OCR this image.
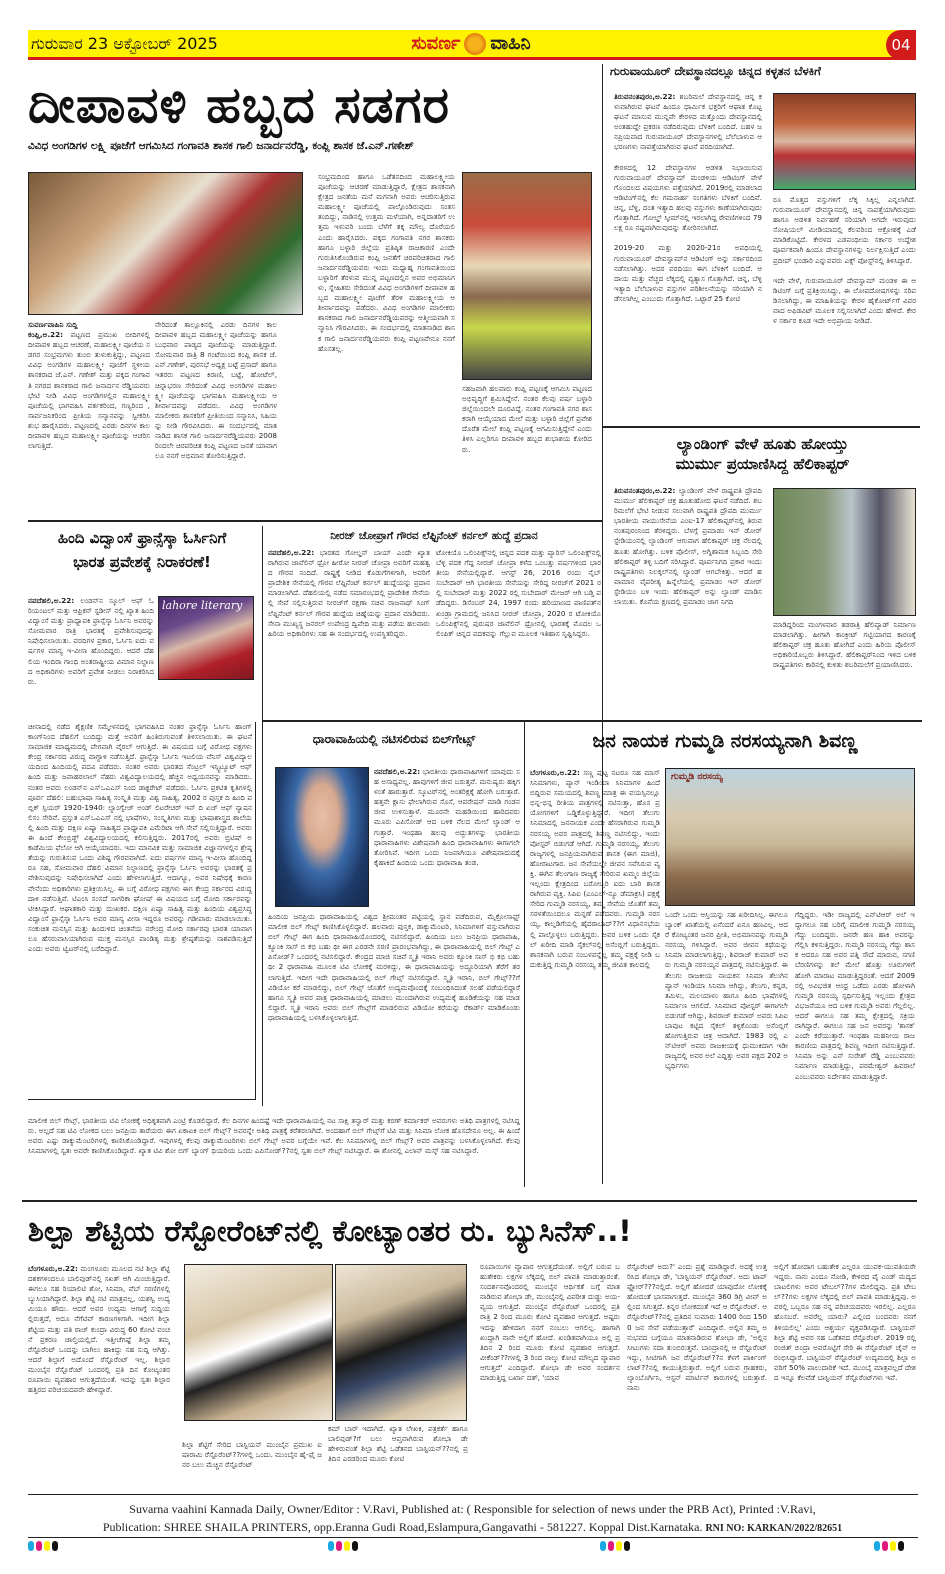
ಗುರುವಾರ 23 ಅಕ್ಟೋಬರ್ 2025	ಸುವರ್ಣ ವಾಹಿನಿ	04
ದೀಪಾವಳಿ ಹಬ್ಬದ ಸಡಗರ
ವಿವಿಧ ಅಂಗಡಿಗಳ ಲಕ್ಷ್ಮಿ ಪೂಜೆಗೆ ಆಗಮಿಸಿದ ಗಂಗಾವತಿ ಶಾಸಕ ಗಾಲಿ ಜನಾರ್ದನರೆಡ್ಡಿ, ಕಂಪ್ಲಿ ಶಾಸಕ ಜೆ.ಎನ್.ಗಣೇಶ್
ಸುವರ್ಣವಾಹಿನಿ ಸುದ್ದಿ
ಕಂಪ್ಲಿ,ಅ.22: ಪಟ್ಟಣದ ಪ್ರಮುಖ ಬೀದಿಗಳಲ್ಲಿ ದೀಪಾವಳಿ ಹಬ್ಬದ ಆಚರಣೆ, ಮಹಾಲಕ್ಷ್ಮೀ ಪೂಜೆಯ ಸಡಗರ ಸಂಭ್ರಮಗಳು ತುಂಬಿ ತುಳುಕುತ್ತಿದ್ದು, ಪಟ್ಟಣದ ವಿವಿಧ ಅಂಗಡಿಗಳ ಮಹಾಲಕ್ಷ್ಮೀ ಪೂಜೆಗೆ ಸ್ಥಳೀಯ ಶಾಸಕರಾದ ಜೆ.ಎನ್. ಗಣೇಶ್ ಮತ್ತು ಪಕ್ಕದ ಗಂಗಾವತಿ ನಗರದ ಶಾಸಕರಾದ ಗಾಲಿ ಜನಾರ್ದನ ರೆಡ್ಡಿಯವರು ಭೇಟಿ ನೀಡಿ ವಿವಿಧ ಅಂಗಡಿಗಳಲ್ಲಿನ ಮಹಾಲಕ್ಷ್ಮೀ ಪೂಜೆಯಲ್ಲಿ ಭಾಗವಹಿಸಿ ವರ್ತಕರಿಂದ, ಗಣ್ಯರಿಂದ ,ಸಾರ್ವಜನಿಕರಿಂದ ಪ್ರೀತಿಯ ಸನ್ಮಾನವನ್ನು ಸ್ವೀಕರಿಸಿ ಶುಭ ಹಾರೈಸಿದರು. ಪಟ್ಟಣದಲ್ಲಿ ಎರಡು ದಿನಗಳ ಕಾಲ ದೀಪಾವಳಿ ಹಬ್ಬದ ಮಹಾಲಕ್ಷ್ಮೀ ಪೂಜೆಯನ್ನು ಆಚರಿಸಲಾಗುತ್ತಿದೆ.
ನೇರಿದಂತೆ ತಾಲ್ಲೂಕಿನಲ್ಲಿ ಎರಡು ದಿನಗಳ ಕಾಲ ದೀಪಾವಳಿ ಹಬ್ಬದ ಮಹಾಲಕ್ಷ್ಮೀ ಪೂಜೆಯನ್ನು ಹಾಗೂ ಬುಧವಾರ ಪಾಡ್ಯದ ಪೂಜೆಯನ್ನು ಮಾಡುತ್ತಿದ್ದಾರೆ. ಸೋಮವಾರ ರಾತ್ರಿ 8 ಗಂಟೆಯಿಂದ ಕಂಪ್ಲಿ ಶಾಸಕ ಜೆ.ಎನ್.ಗಣೇಶ್, ಪುರಸಭೆ ಅಧ್ಯಕ್ಷ ಬಟ್ಟೆ ಪ್ರಸಾದ್ ಹಾಗೂ ಇತರರು ಪಟ್ಟಣದ ಕಿರಾಣಿ, ಬಟ್ಟೆ, ಹೋಟೆಲ್, ಚಿನ್ನಾಭರಣ ಸೇರಿದಂತೆ ವಿವಿಧ ಅಂಗಡಿಗಳ ಮಹಾಲಕ್ಷ್ಮೀ ಪೂಜೆಯನ್ನು ಭಾಗವಹಿಸಿ ಮಹಾಲಕ್ಷ್ಮೀಯ ಆಶೀರ್ವಾದವನ್ನು ಪಡೆದರು. ವಿವಿಧ ಅಂಗಡಿಗಳ ಮಾಲೀಕರು ಶಾಸಕರಿಗೆ ಪ್ರೀತಿಯಿಂದ ಸನ್ಮಾನಿಸಿ, ಸಿಹಿಯನ್ನು ನೀಡಿ ಗೌರವಿಸಿದರು. ಈ ಸಂದರ್ಭದಲ್ಲಿ ಮಾತನಾಡಿದ ಶಾಸಕ ಗಾಲಿ ಜನಾರ್ದನರೆಡ್ಡಿಯವರು 2008ರಿಂದಲೇ ಚಿರಪರಿಚಿತ ಕಂಪ್ಲಿ ಪಟ್ಟಣದ ಜನತೆ ಯಾವಾಗಲೂ ನನಗೆ ಅಭಿಮಾನ ತೋರಿಸುತ್ತಿದ್ದಾರೆ.
ಸಂಭ್ರಮದಿಂದ ಹಾಗೂ ಒಡೆತನದಿಂದ ಮಹಾಲಕ್ಷ್ಮೀಯ ಪೂಜೆಯನ್ನು ಆಚರಣೆ ಮಾಡುತ್ತಿದ್ದಾರೆ, ಕ್ಷೇತ್ರದ ಶಾಸಕನಾಗಿ ಕ್ಷೇತ್ರದ ಜನತೆಯ ಮನೆ ಮಗನಾಗಿ ಅವರು ಆಚರಿಸುತ್ತಿರುವ ಮಹಾಲಕ್ಷ್ಮೀ ಪೂಜೆಯಲ್ಲಿ ಪಾಲ್ಗೊಂಡಿರುವುದು ಸಂತಸ ತಂದಿದ್ದು, ನಾಡಿನಲ್ಲಿ ಉತ್ತಮ ಮಳೆಯಾಗಿ, ಅನ್ನದಾತರಿಗೆ ಉತ್ತಮ ಇಳುವರಿ ಬಂದು ಬೆಳೆಗೆ ತಕ್ಕ ಮೌಲ್ಯ ದೊರೆಯಲಿ ಎಂದು ಹಾರೈಸಿದರು. ಪಕ್ಕದ ಗಂಗಾವತಿ ನಗರ ಶಾಸಕರು ಹಾಗೂ ಬಳ್ಳಾರಿ ಜಿಲ್ಲೆಯ ಪ್ರತಿಷ್ಠಿತ ರಾಜಕಾರಣಿ ಎಂದೇ ಗುರುತಿಸಿಕೊಂಡಿರುವ ಕಂಪ್ಲಿ ಜನತೆಗೆ ಚಿರಪರಿಚಿತರಾದ ಗಾಲಿ ಜನಾರ್ದನರೆಡ್ಡಿಯವರು ಇಂದು ಮಧ್ಯಾಹ್ನ ಗಂಗಾವತಿಯಿಂದ ಬಳ್ಳಾರಿಗೆ ತೆರಳುವ ಮುನ್ನ ಪಟ್ಟಣದಲ್ಲಿನ ಅವರ ಅಭಿಮಾನಿಗಳು, ಸ್ನೇಹಿತರು ಸೇರಿದಂತೆ ವಿವಿಧ ಅಂಗಡಿಗಳಿಗೆ ದೀಪಾವಳಿ ಹಬ್ಬದ ಮಹಾಲಕ್ಷ್ಮೀ ಪೂಜೆಗೆ ತೆರಳಿ ಮಹಾಲಕ್ಷ್ಮೀಯ ಆಶೀರ್ವಾದವನ್ನು ಪಡೆದರು. ವಿವಿಧ ಅಂಗಡಿಗಳ ಮಾಲೀಕರು ಶಾಸಕರಾದ ಗಾಲಿ ಜನಾರ್ದನರೆಡ್ಡಿಯವರನ್ನು ಆತ್ಮೀಯವಾಗಿ ಸನ್ಮಾನಿಸಿ ಗೌರವಿಸಿದರು. ಈ ಸಂದರ್ಭದಲ್ಲಿ ಮಾತನಾಡಿದ ಶಾಸಕ ಗಾಲಿ ಜನಾರ್ದನರೆಡ್ಡಿಯವರು ಕಂಪ್ಲಿ ಪಟ್ಟಣವೇನೂ ನನಗೆ ಹೊಸತಲ್ಲ.
ಸಹಜವಾಗಿ ಹಲವಾರು ಕಂಪ್ಲಿ ಪಟ್ಟಣಕ್ಕೆ ಆಗಮಿಸಿ ಪಟ್ಟಣದ ಅಭಿವೃದ್ಧಿಗೆ ಶ್ರಮಿಸಿದ್ದೇನೆ. ನಂತರ ಕೆಲವು ವರ್ಷ ಬಳ್ಳಾರಿ ಜಿಲ್ಲೆಯಿಂದಲೇ ದೂರವಿದ್ದೆ. ನಂತರ ಗಂಗಾವತಿ ನಗರ ಶಾಸಕರಾಗಿ ಆಯ್ಕೆಯಾದ ಮೇಲೆ ಮತ್ತು ಬಳ್ಳಾರಿ ಜಿಲ್ಲೆಗೆ ಪ್ರವೇಶ ದೊರೆತ ಮೇಲೆ ಕಂಪ್ಲಿ ಪಟ್ಟಣಕ್ಕೆ ಆಗಮಿಸುತ್ತಿದ್ದೇನೆ ಎಂದು ತಿಳಿಸಿ ಎಲ್ಲರಿಗೂ ದೀಪಾವಳಿ ಹಬ್ಬದ ಶುಭಾಶಯ ಕೋರಿದರು.
ಗುರುವಾಯೂರ್ ದೇವಸ್ಥಾನದಲ್ಲೂ ಚಿನ್ನದ ಕಳ್ಳತನ ಬೆಳಕಿಗೆ
ತಿರುವನಂತಪುರಂ,ಅ.22: ಶಬರಿಮಲೆ ದೇವಸ್ಥಾನದಲ್ಲಿ ಚಿನ್ನ ಕಳುವಾಗಿರುವ ಘಟನೆ ಹಿಂದೂ ಧಾರ್ಮಿಕ ಭಕ್ತರಿಗೆ ಆಘಾತ ಕೊಟ್ಟ ಘಟನೆ ಮಾಸುವ ಮುನ್ನವೇ ಕೇರಳದ ಮತ್ತೊಂದು ದೇವಸ್ಥಾನದಲ್ಲಿ ಅಂತಹುದ್ದೇ ಪ್ರಕರಣ ನಡೆದಿರುವುದು ಬೆಳಕಿಗೆ ಬಂದಿದೆ. ಬಹಳ ಜನಪ್ರಿಯವಾದ ಗುರುವಾಯೂರ್ ದೇವಸ್ಥಾನಗಳಲ್ಲಿ ಬೆಲೆಬಾಳುವ ಆಭರಣಗಳು ನಾಪತ್ತೆಯಾಗಿರುವ ಘಟನೆ ವರದಿಯಾಗಿದೆ.

ಕೇರಳದಲ್ಲಿ 12 ದೇವಸ್ಥಾನಗಳ ಆಡಳಿತ ನಿಭಾಯಿಸುವ ಗುರುವಾಯೂರ್ ದೇವಸ್ವಾಮ್ ಮಂಡಳಿಯ ಆಡಿಟಿಂಗ್ ವೇಳೆ ಗೊಂದಲದ ವಿಷಯಗಳು ಪತ್ತೆಯಾಗಿದೆ. 2019ರಲ್ಲಿ ಮಾಡಲಾದ ಆಡಿಟಿಂಗ್‌ನಲ್ಲಿ ಕೆಲ ಗಮನಾರ್ಹ ಸಂಗತಿಗಳು ಬೆಳಕಿಗೆ ಬಂದಿವೆ. ಚಿನ್ನ, ಬೆಳ್ಳಿ, ದಂತ ಇತ್ಯಾದಿ ಹಲವು ವಸ್ತುಗಳು ಕಾಣೆಯಾಗಿರುವುದು ಗೊತ್ತಾಗಿದೆ. ಗೋಲ್ಡ್ ಸ್ಕೀಮ್‌ನಲ್ಲಿ ಇರಲಾಗಿದ್ದ ಠೇವಣಿಗಳಿಂದ 79 ಲಕ್ಷ ರೂ ನಷ್ಟವಾಗಿರುವುದನ್ನು ತೋರಿಸಲಾಗಿದೆ.

2019-20 ಮತ್ತು 2020-21ರ ಅವಧಿಯಲ್ಲಿ ಗುರುವಾಯೂರ್ ದೇವಸ್ವಾಮ್‌ನ ಆಡಿಟಿಂಗ್ ಅನ್ನು ಸರ್ಕಾರದಿಂದ ನಡೆಸಲಾಗಿತ್ತು. ಅದರ ವರದಿಯು ಈಗ ಬೆಳಕಿಗೆ ಬಂದಿದೆ. ಆದಾಯ ಮತ್ತು ವೆಚ್ಚದ ಲೆಕ್ಕದಲ್ಲಿ ವ್ಯತ್ಯಾಸ ಗೊತ್ತಾಗಿದೆ. ಚಿನ್ನ, ಬೆಳ್ಳಿ ಇತ್ಯಾದಿ ಬೆಲೆಬಾಳುವ ವಸ್ತುಗಳ ಪರಿಶೀಲನೆಯನ್ನು ಸರಿಯಾಗಿ ನಡೆಸಲಾಗಿಲ್ಲ ಎಂಬುದು ಗೊತ್ತಾಗಿದೆ. ಒಟ್ಟಾರೆ 25 ಕೋಟಿ
ರೂ ಮೊತ್ತದ ವಸ್ತುಗಳಿಗೆ ಲೆಕ್ಕ ಸಿಕ್ಕಿಲ್ಲ ಎನ್ನಲಾಗಿದೆ. ಗುರುವಾಯೂರ್ ದೇವಸ್ಥಾನದಲ್ಲಿ ಚಿನ್ನ ನಾಪತ್ತೆಯಾಗಿರುವುದು ಹಾಗೂ ಆಡಳಿತ ನಿರ್ವಹಣೆ ಸರಿಯಾಗಿ ಆಗದೇ ಇರುವುದು ಸೋಷಿಯಲ್ ಮೀಡಿಯಾದಲ್ಲಿ ಕೆಲವರಿಂದ ಆಕ್ರೋಶಕ್ಕೆ ಎಡೆ ಮಾಡಿಕೊಟ್ಟಿದೆ. ಕೇರಳದ ಎಡಪಂಥೀಯ ಸರ್ಕಾರ ಉದ್ದೇಶಪೂರ್ವಕವಾಗಿ ಹಿಂದೂ ದೇವಸ್ಥಾನಗಳನ್ನು ನಿರ್ಲಕ್ಷಿಸುತ್ತಿದೆ ಎಂದು ಪ್ರದೀಪ್ ಭಂಡಾರಿ ಎನ್ನುವವರು ಎಕ್ಸ್ ಪೋಸ್ಟ್‌ನಲ್ಲಿ ತಿಳಿಸಿದ್ದಾರೆ.

ಇದೇ ವೇಳೆ, ಗುರುವಾಯೂರ್ ದೇವಸ್ವಾಮ್ ಮಂಡಳಿ ಈ ಆಡಿಟಿಂಗ್ ಬಗ್ಗೆ ಪ್ರತಿಕ್ರಿಯಿಸಿದ್ದು, ಈ ಲೋಪದೋಷಗಳನ್ನು ಸರಿಪಡಿಸಲಾಗಿದ್ದು, ಈ ಮಾಹಿತಿಯನ್ನು ಕೇರಳ ಹೈಕೋರ್ಟ್‌ಗೆ ವಿವರವಾದ ಅಫಿಡವಿಟ್ ಮೂಲಕ ಸಲ್ಲಿಸಲಾಗಿದೆ ಎಂದು ಹೇಳಿದೆ. ಕೇರಳ ಸರ್ಕಾರ ಕೂಡ ಇದೇ ಅಭಿಪ್ರಾಯ ನೀಡಿದೆ.
ಲ್ಯಾಂಡಿಂಗ್ ವೇಳೆ ಹೂತು ಹೋಯ್ತು
ಮುರ್ಮು ಪ್ರಯಾಣಿಸಿದ್ದ ಹೆಲಿಕಾಪ್ಟರ್
ತಿರುವನಂತಪುರಂ,ಅ.22: ಲ್ಯಾಂಡಿಂಗ್ ವೇಳೆ ರಾಷ್ಟ್ರಪತಿ ದ್ರೌಪದಿ ಮುರ್ಮು ಹೆಲಿಕಾಪ್ಟರ್ ಚಕ್ರ ಹೂತುಹೋದ ಘಟನೆ ನಡೆದಿದೆ. ಶಬರಿಮಲೆಗೆ ಭೇಟಿ ನೀಡುವ ಸಲುವಾಗಿ ರಾಷ್ಟ್ರಪತಿ ದ್ರೌಪದಿ ಮುರ್ಮು ಭಾರತೀಯ ವಾಯುಸೇನೆಯ ಎಂಐ-17 ಹೆಲಿಕಾಪ್ಟರ್‌ನಲ್ಲಿ ತಿರುವನಂತಪುರಂನಿಂದ ತೆರಳಿದ್ದರು. ಬೆಳಗ್ಗೆ ಪ್ರಮಾಡಂ ಇನ್ ಡೋರ್ ಸ್ಟೇಡಿಯಂನಲ್ಲಿ ಲ್ಯಾಂಡಿಂಗ್ ಆಗುವಾಗ ಹೆಲಿಕಾಪ್ಟರ್ ಚಕ್ರ ನೆಲದಲ್ಲಿ ಹೂತು ಹೋಗಿತ್ತು. ಬಳಿಕ ಪೊಲೀಸ್, ಅಗ್ನಿಶಾಮಕ ಸಿಬ್ಬಂದಿ ಸೇರಿ ಹೆಲಿಕಾಪ್ಟರ್ ತಳ್ಳಿ ಬದಿಗೆ ಸರಿಸಿದ್ದಾರೆ. ಪೂರ್ವನಿಗದಿ ಪ್ರಕಾರ ಇಂದು ರಾಷ್ಟ್ರಪತಿಗಳು ನಿಲಕ್ಕಲ್‌ನಲ್ಲಿ ಲ್ಯಾಂಡ್ ಆಗಬೇಕಿತ್ತು. ಆದರೆ ಹವಾಮಾನ ವೈಪರೀತ್ಯ ಹಿನ್ನೆಲೆಯಲ್ಲಿ ಪ್ರಮಾಡಂ ಇನ್ ಡೋರ್ ಸ್ಟೇಡಿಯಂ ಬಳಿ ಇಂದು ಹೆಲಿಕಾಪ್ಟರ್ ಅನ್ನು ಲ್ಯಾಂಡ್ ಮಾಡಿಸಲಾಯಿತು. ಕೊನೆಯ ಕ್ಷಣದಲ್ಲಿ ಪ್ರಮಾಡಂ ಜಾಗ ನಿಗದಿ
ಮಾಡಿದ್ದರಿಂದ ಮಂಗಳವಾರ ತಡರಾತ್ರಿ ಹೆಲಿಪ್ಯಾಡ್ ನಿರ್ಮಾಣ ಮಾಡಲಾಗಿತ್ತು. ಹೀಗಾಗಿ ಕಾಂಕ್ರೀಟ್ ಗಟ್ಟಿಯಾಗದ ಕಾರಣಕ್ಕೆ ಹೆಲಿಕಾಪ್ಟರ್ ಚಕ್ರ ಹೂತು ಹೋಗಿದೆ ಎಂದು ಹಿರಿಯ ಪೊಲೀಸ್ ಅಧಿಕಾರಿಯೊಬ್ಬರು ತಿಳಿಸಿದ್ದಾರೆ. ಹೆಲಿಕಾಪ್ಟರ್‌ನಿಂದ ಇಳಿದ ಬಳಿಕ ರಾಷ್ಟ್ರಪತಿಗಳು ಕಾರಿನಲ್ಲಿ ಕುಳಿತು ಶಬರಿಮಲೆಗೆ ಪ್ರಯಾಣಿಸಿದರು.
ಹಿಂದಿ ವಿದ್ವಾಂಸೆ ಫ್ರಾನ್ಸೆಸ್ಕಾ ಓರ್ಸಿನಿಗೆ
ಭಾರತ ಪ್ರವೇಶಕ್ಕೆ ನಿರಾಕರಣೆ!
lahore literary
ನವದೆಹಲಿ,ಅ.22: ಲಂಡನ್‌ನ ಸ್ಕೂಲ್ ಆಫ್ ಓರಿಯಂಟಲ್ ಮತ್ತು ಆಫ್ರಿಕನ್ ಸ್ಟಡೀಸ್ ನಲ್ಲಿ ಖ್ಯಾತ ಹಿಂದಿ ವಿದ್ವಾಂಸೆ ಮತ್ತು ಪ್ರಾಧ್ಯಾಪಕಿ ಫ್ರಾನ್ಸೆಸ್ಕಾ ಓರ್ಸಿನಿ ಅವರನ್ನು ಸೋಮವಾರ ರಾತ್ರಿ ಭಾರತಕ್ಕೆ ಪ್ರವೇಶಿಸುವುದನ್ನು ನಿಷೇಧಿಸಲಾಯಿತು. ವರದಿಗಳ ಪ್ರಕಾರ, ಓರ್ಸಿನಿ ಐದು ವರ್ಷಗಳ ಮಾನ್ಯ ಇ-ವೀಸಾ ಹೊಂದಿದ್ದರು. ಆದರೆ ದೆಹಲಿಯ ಇಂದಿರಾ ಗಾಂಧಿ ಅಂತರಾಷ್ಟ್ರೀಯ ವಿಮಾನ ನಿಲ್ದಾಣದ ಅಧಿಕಾರಿಗಳು ಅವರಿಗೆ ಪ್ರವೇಶ ನೀಡಲು ನಿರಾಕರಿಸಿದರು.
ಚೀನಾದಲ್ಲಿ ನಡೆದ ಶೈಕ್ಷಣಿಕ ಸಮ್ಮೇಳನದಲ್ಲಿ ಭಾಗವಹಿಸಿದ ನಂತರ ಫ್ರಾನ್ಸೆಸ್ಕಾ ಓರ್ಸಿನಿ ಹಾಂಗ್ ಕಾಂಗ್‌ನಿಂದ ದೆಹಲಿಗೆ ಬಂದಿದ್ದು ಮತ್ತೆ ಅವರಿಗೆ ಹಿಂತಿರುಗುವಂತೆ ತಿಳಿಸಲಾಯಿತು. ಈ ಘಟನೆ ಸಾಮಾಜಿಕ ಮಾಧ್ಯಮದಲ್ಲಿ ವೇಗವಾಗಿ ವೈರಲ್ ಆಗುತ್ತಿದೆ. ಈ ವಿಷಯದ ಬಗ್ಗೆ ವಿರೋಧ ಪಕ್ಷಗಳು ಕೇಂದ್ರ ಸರ್ಕಾರದ ವಿರುದ್ಧ ವಾಗ್ದಾಳಿ ನಡೆಸುತ್ತಿದೆ. ಫ್ರಾನ್ಸೆಸ್ಕಾ ಓರ್ಸಿನಿ ಇಟಲಿಯ ವೆನಿಸ್ ವಿಶ್ವವಿದ್ಯಾಲಯದಿಂದ ಹಿಂದಿಯಲ್ಲಿ ಪದವಿ ಪಡೆದರು. ನಂತರ ಅವರು ಭಾರತದ ಸೆಂಟ್ರಲ್ ಇನ್ಸ್ಟಿಟ್ಯೂಟ್ ಆಫ್ ಹಿಂದಿ ಮತ್ತು ಜವಾಹರಲಾಲ್ ನೆಹರು ವಿಶ್ವವಿದ್ಯಾಲಯದಲ್ಲಿ ಹೆಚ್ಚಿನ ಅಧ್ಯಯನವನ್ನು ಮಾಡಿದರು. ನಂತರ ಅವರು ಲಂಡನ್‌ನ ಎಸ್‌ಒಎಎಸ್ ನಿಂದ ಡಾಕ್ಟರೇಟ್ ಪಡೆದರು. ಓರ್ಸಿನಿ ಪ್ರಕಟಿತ ಕೃತಿಗಳಲ್ಲಿ ಪೂರ್ವ ದೆಹಲಿ: ಬಹುಭಾಷಾ ಸಾಹಿತ್ಯ ಸಂಸ್ಕೃತಿ ಮತ್ತು ವಿಶ್ವ ಸಾಹಿತ್ಯ, 2002 ರ ಪುಸ್ತಕ ದಿ ಹಿಂದಿ ಪಬ್ಲಿಕ್ ಸ್ಪಿಯರ್ 1920-1940: ಲ್ಯಾಂಗ್ವೇಜ್ ಅಂಡ್ ಲಿಟರೇಚರ್ ಇನ್ ದಿ ಏಜ್ ಆಫ್ ನ್ಯಾಷನಲಿಸಂ ಸೇರಿವೆ. ಪ್ರಸ್ತುತ ಎಸ್‌ಒಎಎಸ್ ನಲ್ಲಿ ಭಾಷೆಗಳು, ಸಂಸ್ಕೃತಿಗಳು ಮತ್ತು ಭಾಷಾಶಾಸ್ತ್ರದ ಶಾಲೆಯಲ್ಲಿ ಹಿಂದಿ ಮತ್ತು ದಕ್ಷಿಣ ಏಷ್ಯಾ ಸಾಹಿತ್ಯದ ಪ್ರಾಧ್ಯಾಪಕಿ ಎಮೆರಿಟಾ ಆಗಿ ಸೇವೆ ಸಲ್ಲಿಸುತ್ತಿದ್ದಾರೆ. ಅವರು ಈ ಹಿಂದೆ ಕೇಂಬ್ರಿಡ್ಜ್ ವಿಶ್ವವಿದ್ಯಾಲಯದಲ್ಲಿ ಕಲಿಸುತ್ತಿದ್ದರು. 2017ರಲ್ಲಿ ಅವರು ಬ್ರಿಟಿಷ್ ಅಕಾಡೆಮಿಯ ಫೆಲೋ ಆಗಿ ಆಯ್ಕೆಯಾದರು. ಇದು ಮಾನವಿಕ ಮತ್ತು ಸಾಮಾಜಿಕ ವಿಜ್ಞಾನಗಳಲ್ಲಿನ ಶ್ರೇಷ್ಠತೆಯನ್ನು ಗುರುತಿಸುವ ಒಂದು ವಿಶಿಷ್ಟ ಗೌರವವಾಗಿದೆ. ಐದು ವರ್ಷಗಳ ಮಾನ್ಯ ಇ-ವೀಸಾ ಹೊಂದಿದ್ದರೂ ಸಹ, ಸೋಮವಾರ ದೆಹಲಿ ವಿಮಾನ ನಿಲ್ದಾಣದಲ್ಲಿ ಫ್ರಾನ್ಸೆಸ್ಕಾ ಓರ್ಸಿನಿ ಅವರನ್ನು ಭಾರತಕ್ಕೆ ಪ್ರವೇಶಿಸುವುದನ್ನು ನಿಷೇಧಿಸಲಾಗಿದೆ ಎಂದು ಹೇಳಲಾಗುತ್ತಿದೆ. ಆದಾಗ್ಯೂ, ಅವರ ನಿಷೇಧಕ್ಕೆ ಕಾರಣವೇನೆಂದು ಅಧಿಕಾರಿಗಳು ಪ್ರತಿಕ್ರಿಯಿಸಿಲ್ಲ. ಈ ಬಗ್ಗೆ ವಿರೋಧ ಪಕ್ಷಗಳು ಈಗ ಕೇಂದ್ರ ಸರ್ಕಾರದ ವಿರುದ್ಧ ದಾಳಿ ನಡೆಸುತ್ತಿವೆ. ಟಿಎಂಸಿ ಸಂಸದೆ ಸಾಗರಿಕಾ ಘೋಷ್ ಈ ವಿಷಯದ ಬಗ್ಗೆ ಮೋದಿ ಸರ್ಕಾರವನ್ನು ಟೀಕಿಸಿದ್ದಾರೆ. ಆಘಾತಕಾರಿ ಮತ್ತು ದುಃಖಕರ. ದಕ್ಷಿಣ ಏಷ್ಯಾ ಸಾಹಿತ್ಯ ಮತ್ತು ಹಿಂದಿಯ ವಿಶ್ವಪ್ರಸಿದ್ಧ ವಿದ್ವಾಂಸೆ ಫ್ರಾನ್ಸೆಸ್ಕಾ ಓರ್ಸಿನಿ ಅವರ ಮಾನ್ಯ ವೀಸಾ ಇದ್ದರೂ ಅವರನ್ನು ಗಡೀಪಾರು ಮಾಡಲಾಯಿತು. ಸಂಕುಚಿತ ಮನಸ್ಸಿನ ಮತ್ತು ಹಿಂದುಳಿದ ಚಿಂತನೆಯ ನರೇಂದ್ರ ಮೋದಿ ಸರ್ಕಾರವು ಭಾರತ ಯಾವಾಗಲೂ ಹೆಸರುವಾಸಿಯಾಗಿರುವ ಮುಕ್ತ ಮನಸ್ಸಿನ ಪಾಂಡಿತ್ಯ ಮತ್ತು ಶ್ರೇಷ್ಠತೆಯನ್ನು ನಾಶಪಡಿಸುತ್ತಿದೆ ಎಂದು ಅವರು ಟ್ವಿಟರ್‌ನಲ್ಲಿ ಬರೆದಿದ್ದಾರೆ.
ನೀರಜ್ ಚೋಪ್ರಾಗೆ ಗೌರವ ಲೆಫ್ಟಿನೆಂಟ್ ಕರ್ನಲ್ ಹುದ್ದೆ ಪ್ರದಾನ
ನವದೆಹಲಿ,ಅ.22: ಭಾರತದ ಗೋಲ್ಡನ್ ಬಾಯ್ ಎಂದೇ ಖ್ಯಾತರಾಗಿರುವ ಜಾವೆಲಿನ್ ಥ್ರೋ ಹೀರೋ ನೀರಜ್ ಚೋಪ್ರಾ ಅವರಿಗೆ ಮಹತ್ವದ ಗೌರವ ಸಂದಿದೆ. ರಾಷ್ಟ್ರಕ್ಕೆ ನೀಡಿದ ಕೊಡುಗೆಗಳಿಗಾಗಿ, ಅವರಿಗೆ ಪ್ರಾದೇಶಿಕ ಸೇನೆಯಲ್ಲಿ ಗೌರವ ಲೆಫ್ಟಿನೆಂಟ್ ಕರ್ನಲ್ ಹುದ್ದೆಯನ್ನು ಪ್ರದಾನ ಮಾಡಲಾಗಿದೆ. ದೆಹಲಿಯಲ್ಲಿ ನಡೆದ ಸಮಾರಂಭದಲ್ಲಿ ಪ್ರಾದೇಶಿಕ ಸೇನೆಯಲ್ಲಿ ಸೇವೆ ಸಲ್ಲಿಸುತ್ತಿರುವ ನೀರಜ್‌ಗೆ ರಕ್ಷಣಾ ಸಚಿವ ರಾಜನಾಥ್ ಸಿಂಗ್ ಲೆಫ್ಟಿನೆಂಟ್ ಕರ್ನಲ್ ಗೌರವ ಹುದ್ದೆಯ ಚಿಹ್ನೆಯನ್ನು ಪ್ರದಾನ ಮಾಡಿದರು. ಸೇನಾ ಮುಖ್ಯಸ್ಥ ಜನರಲ್ ಉಪೇಂದ್ರ ದ್ವಿವೇದಿ ಮತ್ತು ಪಡೆಯ ಹಲವಾರು ಹಿರಿಯ ಅಧಿಕಾರಿಗಳು ಸಹ ಈ ಸಂದರ್ಭದಲ್ಲಿ ಉಪಸ್ಥಿತರಿದ್ದರು.
ಟೋಕಿಯೊ ಒಲಿಂಪಿಕ್ಸ್‌ನಲ್ಲಿ ಚಿನ್ನದ ಪದಕ ಮತ್ತು ಪ್ಯಾರಿಸ್ ಒಲಿಂಪಿಕ್ಸ್‌ನಲ್ಲಿ ಬೆಳ್ಳಿ ಪದಕ ಗೆದ್ದ ನೀರಜ್ ಚೋಪ್ರಾ ಕಳೆದ ಒಂಬತ್ತು ವರ್ಷಗಳಿಂದ ಭಾರತೀಯ ಸೇನೆಯಲ್ಲಿದ್ದಾರೆ. ಆಗಸ್ಟ್ 26, 2016 ರಂದು ನೈಬ್ ಸುಬೇದಾರ್ ಆಗಿ ಭಾರತೀಯ ಸೇನೆಯನ್ನು ಸೇರಿದ್ದ ನೀರಜ್‌ಗೆ 2021 ರಲ್ಲಿ ಸುಬೇದಾರ್ ಮತ್ತು 2022 ರಲ್ಲಿ ಸುಬೇದಾರ್ ಮೇಜರ್ ಆಗಿ ಬಡ್ತಿ ಪಡೆದಿದ್ದರು. ಡಿಸೆಂಬರ್ 24, 1997 ರಂದು ಹರಿಯಾಣದ ಪಾಣಿಪತ್‌ನ ಖಂಡ್ರಾ ಗ್ರಾಮದಲ್ಲಿ ಜನಿಸಿದ ನೀರಜ್ ಚೋಪ್ರಾ, 2020 ರ ಟೋಕಿಯೊ ಒಲಿಂಪಿಕ್ಸ್‌ನಲ್ಲಿ ಪುರುಷರ ಜಾವೆಲಿನ್ ಥ್ರೋನಲ್ಲಿ ಭಾರತಕ್ಕೆ ಮೊದಲ ಒಲಿಂಪಿಕ್ ಚಿನ್ನದ ಪದಕವನ್ನು ಗೆಲ್ಲುವ ಮೂಲಕ ಇತಿಹಾಸ ಸೃಷ್ಟಿಸಿದ್ದರು.
ಧಾರಾವಾಹಿಯಲ್ಲಿ ನಟಿಸಲಿರುವ ಬಿಲ್‌ಗೇಟ್ಸ್
ನವದೆಹಲಿ,ಅ.22: ಭಾರತೀಯ ಧಾರಾವಾಹಿಗಳಿಗೆ ಯಾವುದು ಸಹ ಅಸಾಧ್ಯವಲ್ಲ. ಹಾವುಗಳಿಗೆ ಜೀವ ಬರುತ್ತವೆ. ಮನುಷ್ಯರು ಹಕ್ಕಿಗಳಂತೆ ಹಾರುತ್ತಾರೆ. ಸ್ಕೂಟರ್‌ನಲ್ಲಿ ಅಂತರಿಕ್ಷಕ್ಕೆ ಹೋಗಿ ಬರುತ್ತಾರೆ. ಹತ್ತನೇ ಕ್ಲಾಸು ಫೇಲಾಗಿರುವ ಸೊಸೆ, ಆಪರೇಷನ್ ಮಾಡಿ ಗಂಡನ ಜೀವ ಉಳಿಸುತ್ತಾಳೆ. ಮೂರನೇ ಮಹಡಿಯಿಂದ ಹಾರಿದವರು ಮೂರು ಎಪಿಸೋಡ್ ಆದ ಬಳಿಕ ನೆಲದ ಮೇಲೆ ಲ್ಯಾಂಡ್ ಆಗುತ್ತಾರೆ. ಇಂಥಹಾ ಹಲವು ಅದ್ಭುತಗಳನ್ನು ಭಾರತೀಯ ಧಾರಾವಾಹಿಗಳು ವಿಶೇಷವಾಗಿ ಹಿಂದಿ ಧಾರಾವಾಹಿಗಳು ಈಗಾಗಲೇ ತೋರಿಸಿವೆ. ಇದೀಗ ಒಂದು ನಿಜವಾಗಿಯೂ ವಿಶೇಷವಾದುದಕ್ಕೆ ಕೈಹಾಕಿದೆ ಹಿಂದಿಯ ಒಂದು ಧಾರಾವಾಹಿ ತಂಡ.
ಹಿಂದಿಯ ಜನಪ್ರಿಯ ಧಾರಾವಾಹಿಯಲ್ಲಿ ವಿಶ್ವದ ಶ್ರೀಮಂತರ ಪಟ್ಟಿಯಲ್ಲಿ ಸ್ಥಾನ ಪಡೆದಿರುವ, ಮೈಕ್ರೋಸಾಫ್ಟ್ ಮಾಲೀಕ ಬಿಲ್ ಗೇಟ್ಸ್ ಕಾಣಿಸಿಕೊಳ್ಳಲಿದ್ದಾರೆ. ಹಲವಾರು ಪುಸ್ತಕ, ಡಾಕ್ಯುಮೆಂಟರಿ, ಸಿನಿಮಾಗಳಿಗೆ ವಸ್ತುವಾಗಿರುವ ಬಿಲ್ ಗೇಟ್ಸ್ ಈಗ ಹಿಂದಿ ಧಾರಾವಾಹಿಯೊಂದರಲ್ಲಿ ನಟಿಸಲಿದ್ದಾರೆ. ಹಿಂದಿಯ ಬಲು ಜನಪ್ರಿಯ ಧಾರಾವಾಹಿ, ಕ್ಯೂಂಕಿ ಸಾಸ್ ಬಿ ಕಭಿ ಬಹು ಥೀ ಈಗ ಎರಡನೇ ಸರಣಿ ಪ್ರಾರಂಭವಾಗಿದ್ದು, ಈ ಧಾರಾವಾಹಿಯಲ್ಲಿ ಬಿಲ್ ಗೇಟ್ಸ್ ಎಪಿಸೋಡ್? ಒಂದರಲ್ಲಿ ನಟಿಸಲಿದ್ದಾರೆ. ಕೇಂದ್ರದ ಮಾಜಿ ಸಚಿವೆ ಸ್ಮೃತಿ ಇರಾನಿ ಅವರು ಕ್ಯೂಂಕಿ ಸಾಸ್ ಭಿ ಕಭಿ ಬಹು ಥೀ 2 ಧಾರಾವಾಹಿ ಮೂಲಕ ಟಿವಿ ಲೋಕಕ್ಕೆ ಮರಳಿದ್ದು, ಈ ಧಾರಾವಾಹಿಯನ್ನು ಅದ್ಧೂರಿಯಾಗಿ ತೆರೆಗೆ ತರಲಾಗುತ್ತಿದೆ. ಇದೀಗ ಇದೇ ಧಾರಾವಾಹಿಯಲ್ಲಿ ಬಿಲ್ ಗೇಟ್ಸ್ ನಟಿಸಲಿದ್ದಾರೆ. ಸ್ಮೃತಿ ಇರಾನಿ, ಬಿಲ್ ಗೇಟ್ಸ್??ಗೆ ವಿಡಿಯೋ ಕರೆ ಮಾಡಲಿದ್ದು, ಬಿಲ್ ಗೇಟ್ಸ್ ಜೊತೆಗೆ ಉದ್ಯಮವೊಂದಕ್ಕೆ ಸಂಬಂಧಿಸಿದಂತೆ ಸಲಹೆ ಪಡೆಯಲಿದ್ದಾರೆ ಹಾಗೂ ಸ್ಮೃತಿ ಅವರ ಪಾತ್ರ ಧಾರಾವಾಹಿಯಲ್ಲಿ ಮಾಡಲು ಮುಂದಾಗಿರುವ ಉದ್ಯಮಕ್ಕೆ ಹೂಡಿಕೆಯನ್ನು ಸಹ ಮಾಡಲಿದ್ದಾರೆ. ಸ್ಮೃತಿ ಇರಾನಿ ಅವರು ಬಿಲ್ ಗೇಟ್ಸ್‌ಗೆ ಮಾಡಲಿರುವ ವಿಡಿಯೋ ಕರೆಯನ್ನು ರೆಕಾರ್ಡ್ ಮಾಡಿಕೊಂಡು ಧಾರಾವಾಹಿಯಲ್ಲಿ ಬಳಸಿಕೊಳ್ಳಲಾಗುತ್ತಿದೆ.
ಮಾಲೀಕ ಬಿಲ್ ಗೇಟ್ಸ್, ಭಾರತೀಯ ಟಿವಿ ಲೋಕಕ್ಕೆ ಅಧಿಕೃತವಾಗಿ ಎಂಟ್ರಿ ಕೊಡಲಿದ್ದಾರೆ. ಕೆಲ ದಿನಗಳ ಹಿಂದಷ್ಟೆ ಇದೇ ಧಾರಾವಾಹಿಯಲ್ಲಿ ನಟ ಸಾಕ್ಷಿ ತನ್ವಾರ್ ಮತ್ತು ಕರಣ್ ಕರ್ಮಾಕರ್ ಅವರುಗಳು ಅತಿಥಿ ಪಾತ್ರಗಳಲ್ಲಿ ನಟಿಸಿದ್ದರು. ಅಲ್ಲದೆ ಸಹ ಟಿವಿ ಲೋಕದ ಬಲು ಜನಪ್ರಿಯ ತಾರೆಯರು ಈಗ ಏಕಾಏಕಿ ಬಿಲ್ ಗೇಟ್ಸ್? ಅವರನ್ನೇ ಅತಿಥಿ ಪಾತ್ರಕ್ಕೆ ಕರೆತರಲಾಗಿದೆ. ಅಂದಹಾಗೆ ಬಿಲ್ ಗೇಟ್ಸ್‌ಗೆ ಟಿವಿ ಮತ್ತು ಸಿನಿಮಾ ಲೋಕ ಹೊಸದೇನೂ ಅಲ್ಲ. ಈ ಹಿಂದೆ ಅವರು ಎಷ್ಟು ಡಾಕ್ಯುಮೆಂಟರಿಗಳಲ್ಲಿ ಕಾಣಿಸಿಕೊಂಡಿದ್ದಾರೆ. ಇವುಗಳಲ್ಲಿ ಕೆಲವು ಡಾಕ್ಯುಮೆಂಟರಿಗಳು ಬಿಲ್ ಗೇಟ್ಸ್ ಅವರ ಬಗ್ಗೆಯೇ ಇವೆ. ಕೆಲ ಸಿನಿಮಾಗಳಲ್ಲಿ ಬಿಲ್ ಗೇಟ್ಸ್? ಅವರ ಪಾತ್ರವನ್ನು ಬಳಸಿಕೊಳ್ಳಲಾಗಿದೆ. ಕೆಲವು ಸಿನಿಮಾಗಳಲ್ಲಿ ಸ್ವತಃ ಅವರೇ ಕಾಣಿಸಿಕೊಂಡಿದ್ದಾರೆ. ಖ್ಯಾತ ಟಿವಿ ಶೋ ಬಿಗ್ ಬ್ಯಾಂಗ್ ಥಿಯರಿಯ ಒಂದು ಎಪಿಸೋಡ್??ನಲ್ಲಿ ಸ್ವತಃ ಬಿಲ್ ಗೇಟ್ಸ್ ನಟಿಸಿದ್ದಾರೆ. ಈ ಶೋನಲ್ಲಿ ಎಲಾನ್ ಮಸ್ಕ್ ಸಹ ನಟಿಸಿದ್ದಾರೆ.
ಜನ ನಾಯಕ ಗುಮ್ಮಡಿ ನರಸಯ್ಯನಾಗಿ ಶಿವಣ್ಣ
ಗುಮ್ಮಡಿ ನರಸಯ್ಯ
ಬೆಂಗಳೂರು,ಅ.22: ಸಣ್ಣ ಪುಟ್ಟ ನಟರೂ ಸಹ ಮಾಸ್ ಸಿನಿಮಾಗಳು, ಪ್ಯಾನ್ ಇಂಡಿಯಾ ಸಿನಿಮಾಗಳ ಹಿಂದೆ ಬಿದ್ದಿರುವ ಸಮಯದಲ್ಲಿ ಶಿವಣ್ಣ ಮಾತ್ರ ಈ ವಯಸ್ಸಿನಲ್ಲೂ ಭಿನ್ನ-ಭಿನ್ನ ರೀತಿಯ ಪಾತ್ರಗಳಲ್ಲಿ ನಟಿಸುತ್ತಾ, ಹೊಸ ಪ್ರಯೋಗಗಳಿಗೆ ಒಡ್ಡಿಕೊಳ್ಳುತ್ತಿದ್ದಾರೆ. ಇದೀಗ ತೆಲುಗು ಸಿನಿಮಾದಲ್ಲಿ ಜನನಾಯಕ ಎಂದೇ ಹೆಸರಾಗಿರುವ ಗುಮ್ಮಡಿ ನರಸಯ್ಯ ಅವರ ಪಾತ್ರದಲ್ಲಿ ಶಿವಣ್ಣ ನಟಿಸಲಿದ್ದು, ಇಂದು ಪೋಸ್ಟರ್ ಬಿಡುಗಡೆ ಆಗಿದೆ. ಗುಮ್ಮಡಿ ನರಸಯ್ಯ, ತೆಲುಗು ರಾಜ್ಯಗಳಲ್ಲಿ ಜನಪ್ರಿಯವಾಗಿರುವ ಶಾಸಕ (ಈಗ ಮಾಜಿ), ಹೋರಾಟಗಾರ. ಜನ ಸೇವೆಯಲ್ಲೇ ಜೀವನ ಸವೆಸಿರುವ ವ್ಯಕ್ತಿ. ಈಗಿನ ತೆಲಂಗಾಣ ರಾಜ್ಯಕ್ಕೆ ಸೇರಿರುವ ಖಮ್ಮಂ ಜಿಲ್ಲೆಯ ಇಲ್ಲಂದು ಕ್ಷೇತ್ರದಿಂದ ಬರೋಬ್ಬರಿ ಐದು ಬಾರಿ ಶಾಸಕರಾಗಿರುವ ವ್ಯಕ್ತಿ. ಸಿಪಿಐ (ಎಂಎಲ್-ನ್ಯೂ ಡೆಮಾಕ್ರಸಿ) ಪಕ್ಷಕ್ಕೆ ಸೇರಿದ ಗುಮ್ಮಡಿ ನರಸಯ್ಯ, ತಮ್ಮ ಸೇವೆಯ ಜೊತೆಗೆ ತಮ್ಮ ಸರಳತೆಯಿಂದಲೂ ಮನ್ನಣೆ ಪಡೆದವರು. ಗುಮ್ಮಡಿ ನರಸಯ್ಯ, ಕಾಲ್ನಡಿಗೆಯಲ್ಲಿ ಹೈದರಾಬಾದ್??ಗೆ ವಿಧಾನಸಭೆಯಲ್ಲಿ ಪಾಲ್ಗೊಳ್ಳಲು ಬರುತ್ತಿದ್ದರು. ಅವರ ಬಳಿಕ ಒಂದು ಸೈಕಲ್ ಖರೀದಿ ಮಾಡಿ ಸೈಕಲ್‌ನಲ್ಲಿ ಅಸೆಂಬ್ಲಿಗೆ ಬರುತ್ತಿದ್ದರು. ಶಾಸಕನಾಗಿ ಬರುವ ಸಂಬಳವನ್ನೆಲ್ಲ ತಮ್ಮ ಪಕ್ಷಕ್ಕೆ ನೀಡಿ ಬದುಕುತ್ತಿದ್ದ ಗುಮ್ಮಡಿ ನರಸಯ್ಯ ತಮ್ಮ ಜೀವಿತ ಕಾಲದಲ್ಲಿ
ಒಂದೇ ಒಂದು ಆಸ್ತಿಯನ್ನು ಸಹ ಖರೀದಿಸಿಲ್ಲ. ಈಗಲೂ ಬ್ಯಾಂಕ್ ಖಾತೆಯಲ್ಲಿ ಏನೆಂದರೆ ಏನೂ ಹಣವಿಲ್ಲ. ಆದರೆ ಕೋಟ್ಯಂತರ ಜನರ ಪ್ರೀತಿ, ಅಭಿಮಾನವನ್ನು ಗುಮ್ಮಡಿ ನರಸಯ್ಯ ಗಳಿಸಿದ್ದಾರೆ. ಅವರ ಜೀವನ ಕಥೆಯನ್ನು ಸಿನಿಮಾ ಮಾಡಲಾಗುತ್ತಿದ್ದು, ಶಿವರಾಜ್ ಕುಮಾರ್ ಅವರು ಗುಮ್ಮಡಿ ನರಸಯ್ಯನ ಪಾತ್ರದಲ್ಲಿ ನಟಿಸುತ್ತಿದ್ದಾರೆ. ಈ ತೆಲುಗು ರಾಜಕೀಯ ನಾಯಕನ ಸಿನಿಮಾ ತೆಲುಗಿನ ಪ್ಯಾನ್ ಇಂಡಿಯಾ ಸಿನಿಮಾ ಆಗಿದ್ದು, ತೆಲುಗು, ಕನ್ನಡ, ತಮಿಳು, ಮಲಯಾಳಂ ಹಾಗೂ ಹಿಂದಿ ಭಾಷೆಗಳಲ್ಲಿ ನಿರ್ಮಾಣ ಆಗಲಿದೆ. ಸಿನಿಮಾದ ಪೋಸ್ಟರ್ ಈಗಾಗಲೇ ಬಿಡುಗಡೆ ಆಗಿದ್ದು, ಶಿವರಾಜ್ ಕುಮಾರ್ ಅವರು ಸಿಪಿಐ ಬಾವುಟ ಕಟ್ಟಿದ ಸೈಕಲ್ ತಳ್ಳಿಕೊಂಡು ಅಸೆಂಬ್ಲಿಗೆ ಹೋಗುತ್ತಿರುವ ಚಿತ್ರ ಆದಾಗಿದೆ. 1983 ರಲ್ಲಿ ಎನ್‌ಟಿಆರ್ ಅವರು ರಾಜಕೀಯಕ್ಕೆ ಧುಮುಕಿದಾಗ ಇಡೀ ರಾಜ್ಯದಲ್ಲಿ ಅವರ ಅಲೆ ಎದ್ದಿತ್ತು ಅವರ ಪಕ್ಷದ 202 ಅಭ್ಯರ್ಥಿಗಳು
ಗೆದ್ದಿದ್ದರು. ಇಡೀ ರಾಜ್ಯದಲ್ಲಿ ಎನ್‌ಟಿಆರ್ ಅಲೆ ಇದ್ದಾಗಲೂ ಸಹ ಬರಿಗೈ ಮಾಲೀಕ ಗುಮ್ಮಡಿ ನರಸಯ್ಯ ಗೆದ್ದು ಬಂದಿದ್ದರು. ಜನರೇ ಹಣ ಹಾಕಿ ಅವರನ್ನು ಗೆಲ್ಲಿಸಿ ಕಳಿಸುತ್ತಿದ್ದರು. ಗುಮ್ಮಡಿ ನರಸಯ್ಯ ಗೆದ್ದು ಶಾಸಕ ಆದರೂ ಸಹ ಅವರ ಪತ್ನಿ ಸೌದೆ ಮಾರುವ, ಸಗಣಿ ಬೆರಣಿಗಳನ್ನು ತಲೆ ಮೇಲೆ ಹೊತ್ತು ಊರುಗಳಿಗೆ ಹೋಗಿ ಮಾರಾಟ ಮಾಡುತ್ತಿದ್ದರಂತೆ. ಆದರೆ 2009 ರಲ್ಲಿ ಅವಿಭಜಿತ ಆಂಧ್ರ ಒಡೆದು ಎರಡು ಹೋಳಾಗಿ ಗುಮ್ಮಡಿ ನರಸಯ್ಯ ಸ್ಪರ್ಧಿಸುತ್ತಿದ್ದ ಇಲ್ಲಂದು ಕ್ಷೇತ್ರದ ವಿಭಜನೆಯೂ ಆದ ಬಳಿಕ ಗುಮ್ಮಡಿ ಅವರು ಗೆಲ್ಲಲಿಲ್ಲ. ಆದರೆ ಈಗಲೂ ಸಹ ತಮ್ಮ ಕ್ಷೇತ್ರದಲ್ಲಿ ಸಕ್ರಿಯರಾಗಿದ್ದಾರೆ. ಈಗಲೂ ಸಹ ಜನ ಅವರನ್ನು 'ಶಾಸಕ' ಎಂದೇ ಕರೆಯುತ್ತಾರೆ. ಇಂಥಹಾ ಮಹನೀಯ ರಾಜಕಾರಣಿಯ ಪಾತ್ರದಲ್ಲಿ ಶಿವಣ್ಣ ಇದೀಗ ನಟಿಸುತ್ತಿದ್ದಾರೆ. ಸಿನಿಮಾ ಅನ್ನು ಎನ್ ಸುರೇಶ್ ರೆಡ್ಡಿ ಎಂಬುವವರು ನಿರ್ಮಾಣ ಮಾಡುತ್ತಿದ್ದು, ಪರಮೇಶ್ವರ್ ಹಿವರಾಲೆ ಎಂಬುವವರು ನಿರ್ದೇಶನ ಮಾಡುತ್ತಿದ್ದಾರೆ.
ಶಿಲ್ಪಾ ಶೆಟ್ಟಿಯ ರೆಸ್ಟೋರೆಂಟ್‌ನಲ್ಲಿ ಕೋಟ್ಯಾಂತರ ರು. ಬ್ಯುಸಿನೆಸ್..!
ಬೆಂಗಳೂರು,ಅ.22: ಮಂಗಳೂರು ಮೂಲದ ನಟಿ ಶಿಲ್ಪಾ ಶೆಟ್ಟಿ ದಶಕಗಳಿಂದಲೂ ಬಾಲಿವುಡ್‌ನಲ್ಲಿ ಸಖತ್ ಆಗಿ ಮಿಂಚುತ್ತಿದ್ದಾರೆ. ಈಗಲೂ ಸಹ ರಿಯಾಲಿಟಿ ಶೋ, ಸಿನಿಮಾ, ವೆಬ್ ಸರಣಿಗಳಲ್ಲಿ ಬ್ಯುಸಿಯಾಗಿದ್ದಾರೆ. ಶಿಲ್ಪಾ ಶೆಟ್ಟಿ ನಟಿ ಮಾತ್ರವಲ್ಲ, ಯಶಸ್ವಿ ಉದ್ಯಮಿಯೂ ಹೌದು. ಆದರೆ ಅವರ ಉದ್ಯಮ ಆಗಾಗ್ಗೆ ಸುದ್ದಿಯಲ್ಲಿರುತ್ತದೆ, ಅದೂ ನೆಗೆಟಿವ್ ಕಾರಣಗಳಿಗಾಗಿ. ಇದೀಗ ಶಿಲ್ಪಾ ಶೆಟ್ಟಿಯ ಮತ್ತು ಪತಿ ರಾಜ್ ಕುಂದ್ರಾ ವಿರುದ್ಧ 60 ಕೋಟಿ ವಂಚನೆ ಪ್ರಕರಣ ಚಾಲ್ತಿಯಲ್ಲಿದೆ. ಇತ್ತೀಚೆಗಷ್ಟೆ ಶಿಲ್ಪಾ ತಮ್ಮ ರೆಸ್ಟೊರೆಂಟ್ ಒಂದನ್ನು ಬಾಗಿಲು ಹಾಕಿದ್ದು ಸಹ ಸುದ್ದಿ ಆಗಿತ್ತು. ಆದರೆ ಶಿಲ್ಪಾಗೆ ಅದೊಂದೆ ರೆಸ್ಟೊರೆಂಟ್ ಇಲ್ಲ. ಶಿಲ್ಪಾರ ಮುಂಬೈನ ರೆಸ್ಟೊರೆಂಟ್ ಒಂದರಲ್ಲಿ ಪ್ರತಿ ದಿನ ಕೋಟ್ಯಂತರ ರೂಪಾಯಿ ವ್ಯವಹಾರ ಆಗುತ್ತದೆಯಂತೆ. ಇದನ್ನು ಸ್ವತಃ ಶಿಲ್ಪಾರ ಹತ್ತಿರದ ಪರಿಚಯದವರೇ ಹೇಳಿದ್ದಾರೆ.
ಶಿಲ್ಪಾ ಶೆಟ್ಟಿಗೆ ಸೇರಿದ ಬಾಸ್ಟಿಯನ್ ಮುಂಬೈನ ಪ್ರಮುಖ ಐಷಾರಾಮಿ ರೆಸ್ಟೊರೆಂಟ್??ಗಳಲ್ಲಿ ಒಂದು. ಮುಂಬೈನ ಹೈ-ಫೈ ಜನರ ಬಲು ಮೆಚ್ಚಿನ ರೆಸ್ಟೊರೆಂಟ್
ಕಮ್ ಬಾರ್ ಇದಾಗಿದೆ. ಖ್ಯಾತ ಲೇಖಕಿ, ಪತ್ರಕರ್ತೆ ಹಾಗೂ ಬಾಲಿವುಡ್?ಗೆ ಬಲು ಆಪ್ತವಾಗಿರುವ ಶೋಭಾ ಡೇ ಹೇಳಿರುವಂತೆ ಶಿಲ್ಪಾ ಶೆಟ್ಟಿ ಒಡೆತನದ ಬಾಸ್ಟಿಯನ್??ನಲ್ಲಿ ಪ್ರತಿದಿನ ಎರಡರಿಂದ ಮೂರು ಕೋಟಿ
ರೂಪಾಯಿಗಳ ವ್ಯಾಪಾರ ಆಗುತ್ತದೆಯಂತೆ. ಅಲ್ಲಿಗೆ ಬರುವ ಬಹುತೇಕರು ಲಕ್ಷಗಳ ಲೆಕ್ಕದಲ್ಲಿ ಬಿಲ್ ಪಾವತಿ ಮಾಡುತ್ತಾರಂತೆ. ಸಂದರ್ಶನವೊಂದರಲ್ಲಿ ಮುಂಬೈನ ಆರ್ಥಿಕತೆ ಬಗ್ಗೆ ಮಾತನಾಡಿರುವ ಶೋಭಾ ಡೇ, ಮುಂಬೈನಲ್ಲಿ ವಿಪರೀತ ದುಡ್ಡು ಅಯ-ವ್ಯಯ ಆಗುತ್ತಿದೆ. ಮುಂಬೈನ ರೆಸ್ಟೊರೆಂಟ್ ಒಂದರಲ್ಲಿ ಪ್ರತಿ ರಾತ್ರಿ 2 ರಿಂದ ಮೂರು ಕೋಟಿ ವ್ಯವಹಾರ ಆಗುತ್ತದೆ. ಅಷ್ಟರು ಇದನ್ನು ಹೇಳಿದಾಗ ನನಗೆ ನಂಬಲು ಆಗಲಿಲ್ಲ. ಹಾಗಾಗಿ ಖುದ್ದಾಗಿ ನಾನೇ ಅಲ್ಲಿಗೆ ಹೋದೆ. ಖಂಡಿತವಾಗಿಯೂ ಅಲ್ಲಿ ಪ್ರತಿದಿನ 2 ರಿಂದ ಮೂರು ಕೋಟಿ ವ್ಯವಹಾರ ಆಗುತ್ತದೆ. ವೀಕೆಂಡ್??ಗಳಲ್ಲಿ 3 ರಿಂದ ನಾಲ್ಕು ಕೋಟಿ ಮೌಲ್ಯದ ವ್ಯಾಪಾರ ಆಗುತ್ತದೆ' ಎಂದಿದ್ದಾರೆ. ಶೋಭಾ ಡೇ ಅವರ ಸಂದರ್ಶನ ಮಾಡುತ್ತಿದ್ದ ಬರ್ಖಾ ದತ್, 'ಯಾವ
ರೆಸ್ಟೊರೆಂಟ್ ಅದು?' ಎಂದು ಪ್ರಶ್ನೆ ಮಾಡಿದ್ದಾರೆ. ಅದಕ್ಕೆ ಉತ್ತರಿಸಿದ ಶೋಭಾ ಡೇ, 'ಬಾಸ್ಟಿಯನ್ ರೆಸ್ಟೊರೆಂಟ್. ಅದು ಟಾಪ್ ಫ್ಲೋರ್???ನಲ್ಲಿದೆ. ಅಲ್ಲಿಗೆ ಹೋದರೆ ಯಾವುದೋ ಲೋಕಕ್ಕೆ ಹೋದಂತೆ ಭಾಸವಾಗುತ್ತದೆ. ಮುಂಬೈನ 360 ಡಿಗ್ರಿ ವೀವ್ ಅಲ್ಲಿಂದ ಸಿಗುತ್ತದೆ. ಕಿನ್ನರ ಲೋಕದಂತೆ ಇದೆ ಆ ರೆಸ್ಟೊರೆಂಟ್. ಆ ರೆಸ್ಟೊರೆಂಟ್??ನಲ್ಲಿ ಪ್ರತಿದಿನ ಸುಮಾರು 1400 ರಿಂದ 1500 ಜನ ಸೇವೆ ಪಡೆಯುತ್ತಾರೆ' ಎಂದಿದ್ದಾರೆ. ಅಲ್ಲಿನ ತಮ್ಮ ಅನುಭವದ ಬಗ್ಗೆಯೂ ಮಾತನಾಡಿರುವ ಶೋಭಾ ಡೇ, 'ಅಲ್ಲಿನ ಸೀಟುಗಳು ಸದಾ ತುಂಬಿರುತ್ತವೆ. ಬಾಂದ್ರಾನಲ್ಲಿ ಆ ರೆಸ್ಟೊರೆಂಟ್ ಇದ್ದು, ಸೀಟಿಗಾಗಿ ಜನ ರೆಸ್ಟೊರೆಂಟ್??ನ ಕೆಳಗೆ ಪಾರ್ಕಿಂಗ್ ಲಾಟ್??ನಲ್ಲಿ ಕಾಯುತ್ತಿರುತ್ತಾರೆ. ಅಲ್ಲಿಗೆ ಬರುವ ಗ್ರಾಹಕರು, ಲ್ಯಾಂಬೊರ್ಗಿನಿ, ಆಸ್ಟನ್ ಮಾರ್ಟಿನ್ ಕಾರುಗಳಲ್ಲಿ ಬರುತ್ತಾರೆ. ನಾನು
ಅಲ್ಲಿಗೆ ಹೋದಾಗ ಬಹುತೇಕ ಎಲ್ಲರೂ ಯುವಕ-ಯುವತಿಯರೇ ಇದ್ದರು. ನಾನು ಎಂದೂ ನೋಡಿ, ಕೇಳಿರದ ಪೈ ಎಂಡ್ ಮದ್ಯದ ಬಾಟಲಿಗಳು ಅವರ ಟೇಬಲ್??ಗಳ ಮೇಲಿದ್ದವು. ಪ್ರತಿ ಟೇಬಲ್??ಗಳು ಲಕ್ಷಗಳ ಲೆಕ್ಕದಲ್ಲಿ ಬಿಲ್ ಪಾವತಿ ಮಾಡುತ್ತಿದ್ದವು. ಅವರಲ್ಲಿ ಒಬ್ಬರೂ ಸಹ ನನ್ನ ಪರಿಚಯದವರು ಇರಲಿಲ್ಲ. ಎಲ್ಲರೂ ಹೊಸಬರೆ. ಅವರೆಲ್ಲ ಯಾರು? ಎಲ್ಲಿಂದ ಬಂದವರು ನನಗೆ ತಿಳಿಯಲಿಲ್ಲ' ಎಂದು ಆಶ್ಚರ್ಯ ವ್ಯಕ್ತಪಡಿಸಿದ್ದಾರೆ. ಬಾಸ್ಟಿಯನ್ ಶಿಲ್ಪಾ ಶೆಟ್ಟಿ ಅವರ ಸಹ ಒಡೆತನದ ರೆಸ್ಟೊರೆಂಟ್. 2019 ರಲ್ಲಿ ರಂಜಿತ್ ಬಿಂದ್ರಾ ಅವರೊಟ್ಟಿಗೆ ಸೇರಿ ಈ ರೆಸ್ಟೊರೆಂಟ್ ಚೈನ್ ಆರಂಭಿಸಿದ್ದಾರೆ. ಬಾಸ್ಟಿಯನ್ ರೆಸ್ಟೊರೆಂಟ್ ಉದ್ಯಮದಲ್ಲಿ ಶಿಲ್ಪಾ ಅವರಿಗೆ 50% ಪಾಲುದಾರಿಕೆ ಇದೆ. ಮುಂಬೈ ಮಾತ್ರವಲ್ಲದೆ ದೇಶದ ಇನ್ನೂ ಕೆಲವೆಡೆ ಬಾಸ್ಟಿಯನ್ ರೆಸ್ಟೊರೆಂಟ್‌ಗಳು ಇವೆ.
Suvarna vaahini Kannada Daily, Owner/Editor : V.Ravi, Published at: ( Responsible for selection of news under the PRB Act), Printed :V.Ravi,
Publication: SHREE SHAILA PRINTERS, opp.Eranna Gudi Road,Eslampura,Gangavathi - 581227. Koppal Dist.Karnataka. RNI NO: KARKAN/2022/82651
